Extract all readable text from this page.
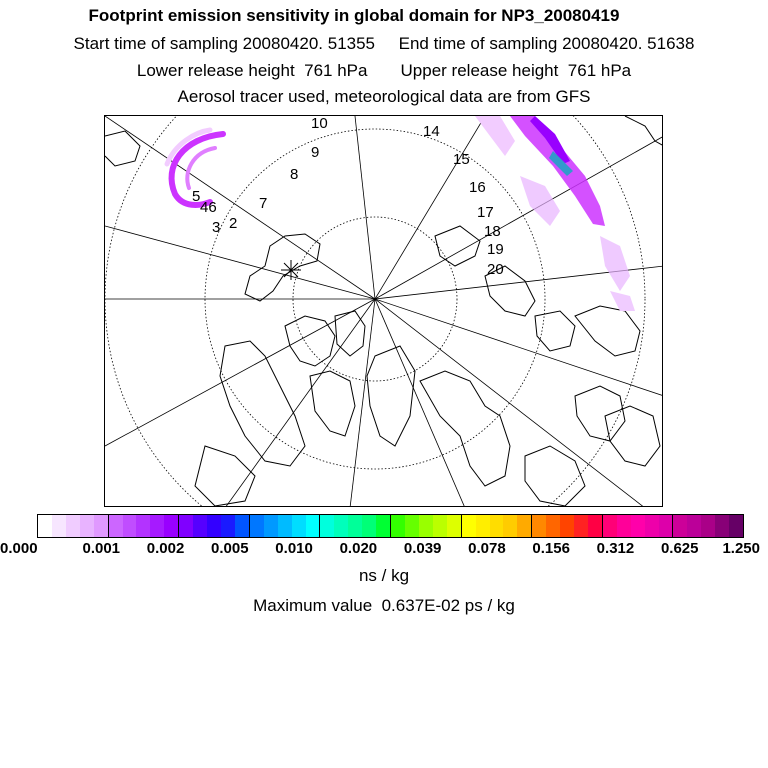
Footprint emission sensitivity in global domain for NP3_20080419
Start time of sampling 20080420. 51355     End time of sampling 20080420. 51638
Lower release height  761 hPa       Upper release height  761 hPa
Aerosol tracer used, meteorological data are from GFS
2
3
46
5	7
8
9
10	14
15
16
17
18
19
20
0.000	0.001 0.002 0.005 0.010 0.020 0.039 0.078 0.156 0.312 0.625 1.250
ns / kg
Maximum value  0.637E-02 ps / kg
